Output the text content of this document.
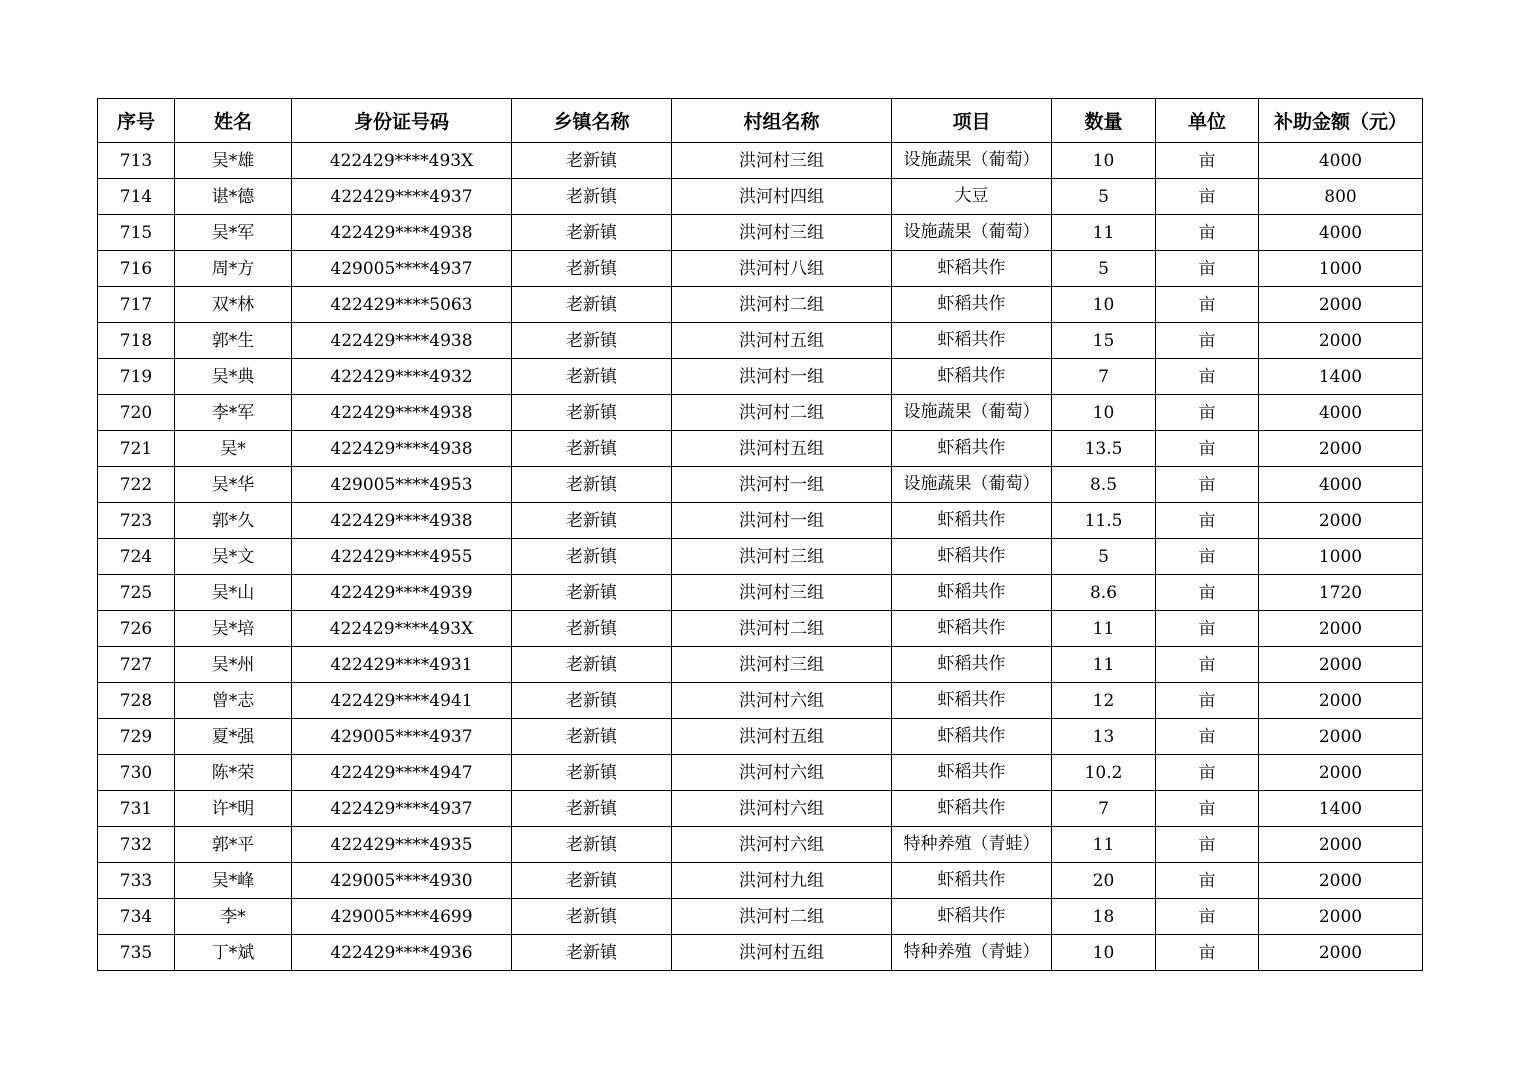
序号	姓名	身份证号码	乡镇名称	村组名称	项目	数量	单位	补助金额（元）

713	吴*雄	422429****493X	老新镇	洪河村三组	设施蔬果（葡萄）	10	亩	4000

714	谌*德	422429****4937	老新镇	洪河村四组	大豆	5	亩	800

715	吴*军	422429****4938	老新镇	洪河村三组	设施蔬果（葡萄）	11	亩	4000

716	周*方	429005****4937	老新镇	洪河村八组	虾稻共作	5	亩	1000

717	双*林	422429****5063	老新镇	洪河村二组	虾稻共作	10	亩	2000

718	郭*生	422429****4938	老新镇	洪河村五组	虾稻共作	15	亩	2000

719	吴*典	422429****4932	老新镇	洪河村一组	虾稻共作	7	亩	1400

720	李*军	422429****4938	老新镇	洪河村二组	设施蔬果（葡萄）	10	亩	4000

721	吴*	422429****4938	老新镇	洪河村五组	虾稻共作	13.5	亩	2000

722	吴*华	429005****4953	老新镇	洪河村一组	设施蔬果（葡萄）	8.5	亩	4000

723	郭*久	422429****4938	老新镇	洪河村一组	虾稻共作	11.5	亩	2000

724	吴*文	422429****4955	老新镇	洪河村三组	虾稻共作	5	亩	1000

725	吴*山	422429****4939	老新镇	洪河村三组	虾稻共作	8.6	亩	1720

726	吴*培	422429****493X	老新镇	洪河村二组	虾稻共作	11	亩	2000

727	吴*州	422429****4931	老新镇	洪河村三组	虾稻共作	11	亩	2000

728	曾*志	422429****4941	老新镇	洪河村六组	虾稻共作	12	亩	2000

729	夏*强	429005****4937	老新镇	洪河村五组	虾稻共作	13	亩	2000

730	陈*荣	422429****4947	老新镇	洪河村六组	虾稻共作	10.2	亩	2000

731	许*明	422429****4937	老新镇	洪河村六组	虾稻共作	7	亩	1400

732	郭*平	422429****4935	老新镇	洪河村六组	特种养殖（青蛙）	11	亩	2000

733	吴*峰	429005****4930	老新镇	洪河村九组	虾稻共作	20	亩	2000

734	李*	429005****4699	老新镇	洪河村二组	虾稻共作	18	亩	2000

735	丁*斌	422429****4936	老新镇	洪河村五组	特种养殖（青蛙）	10	亩	2000
